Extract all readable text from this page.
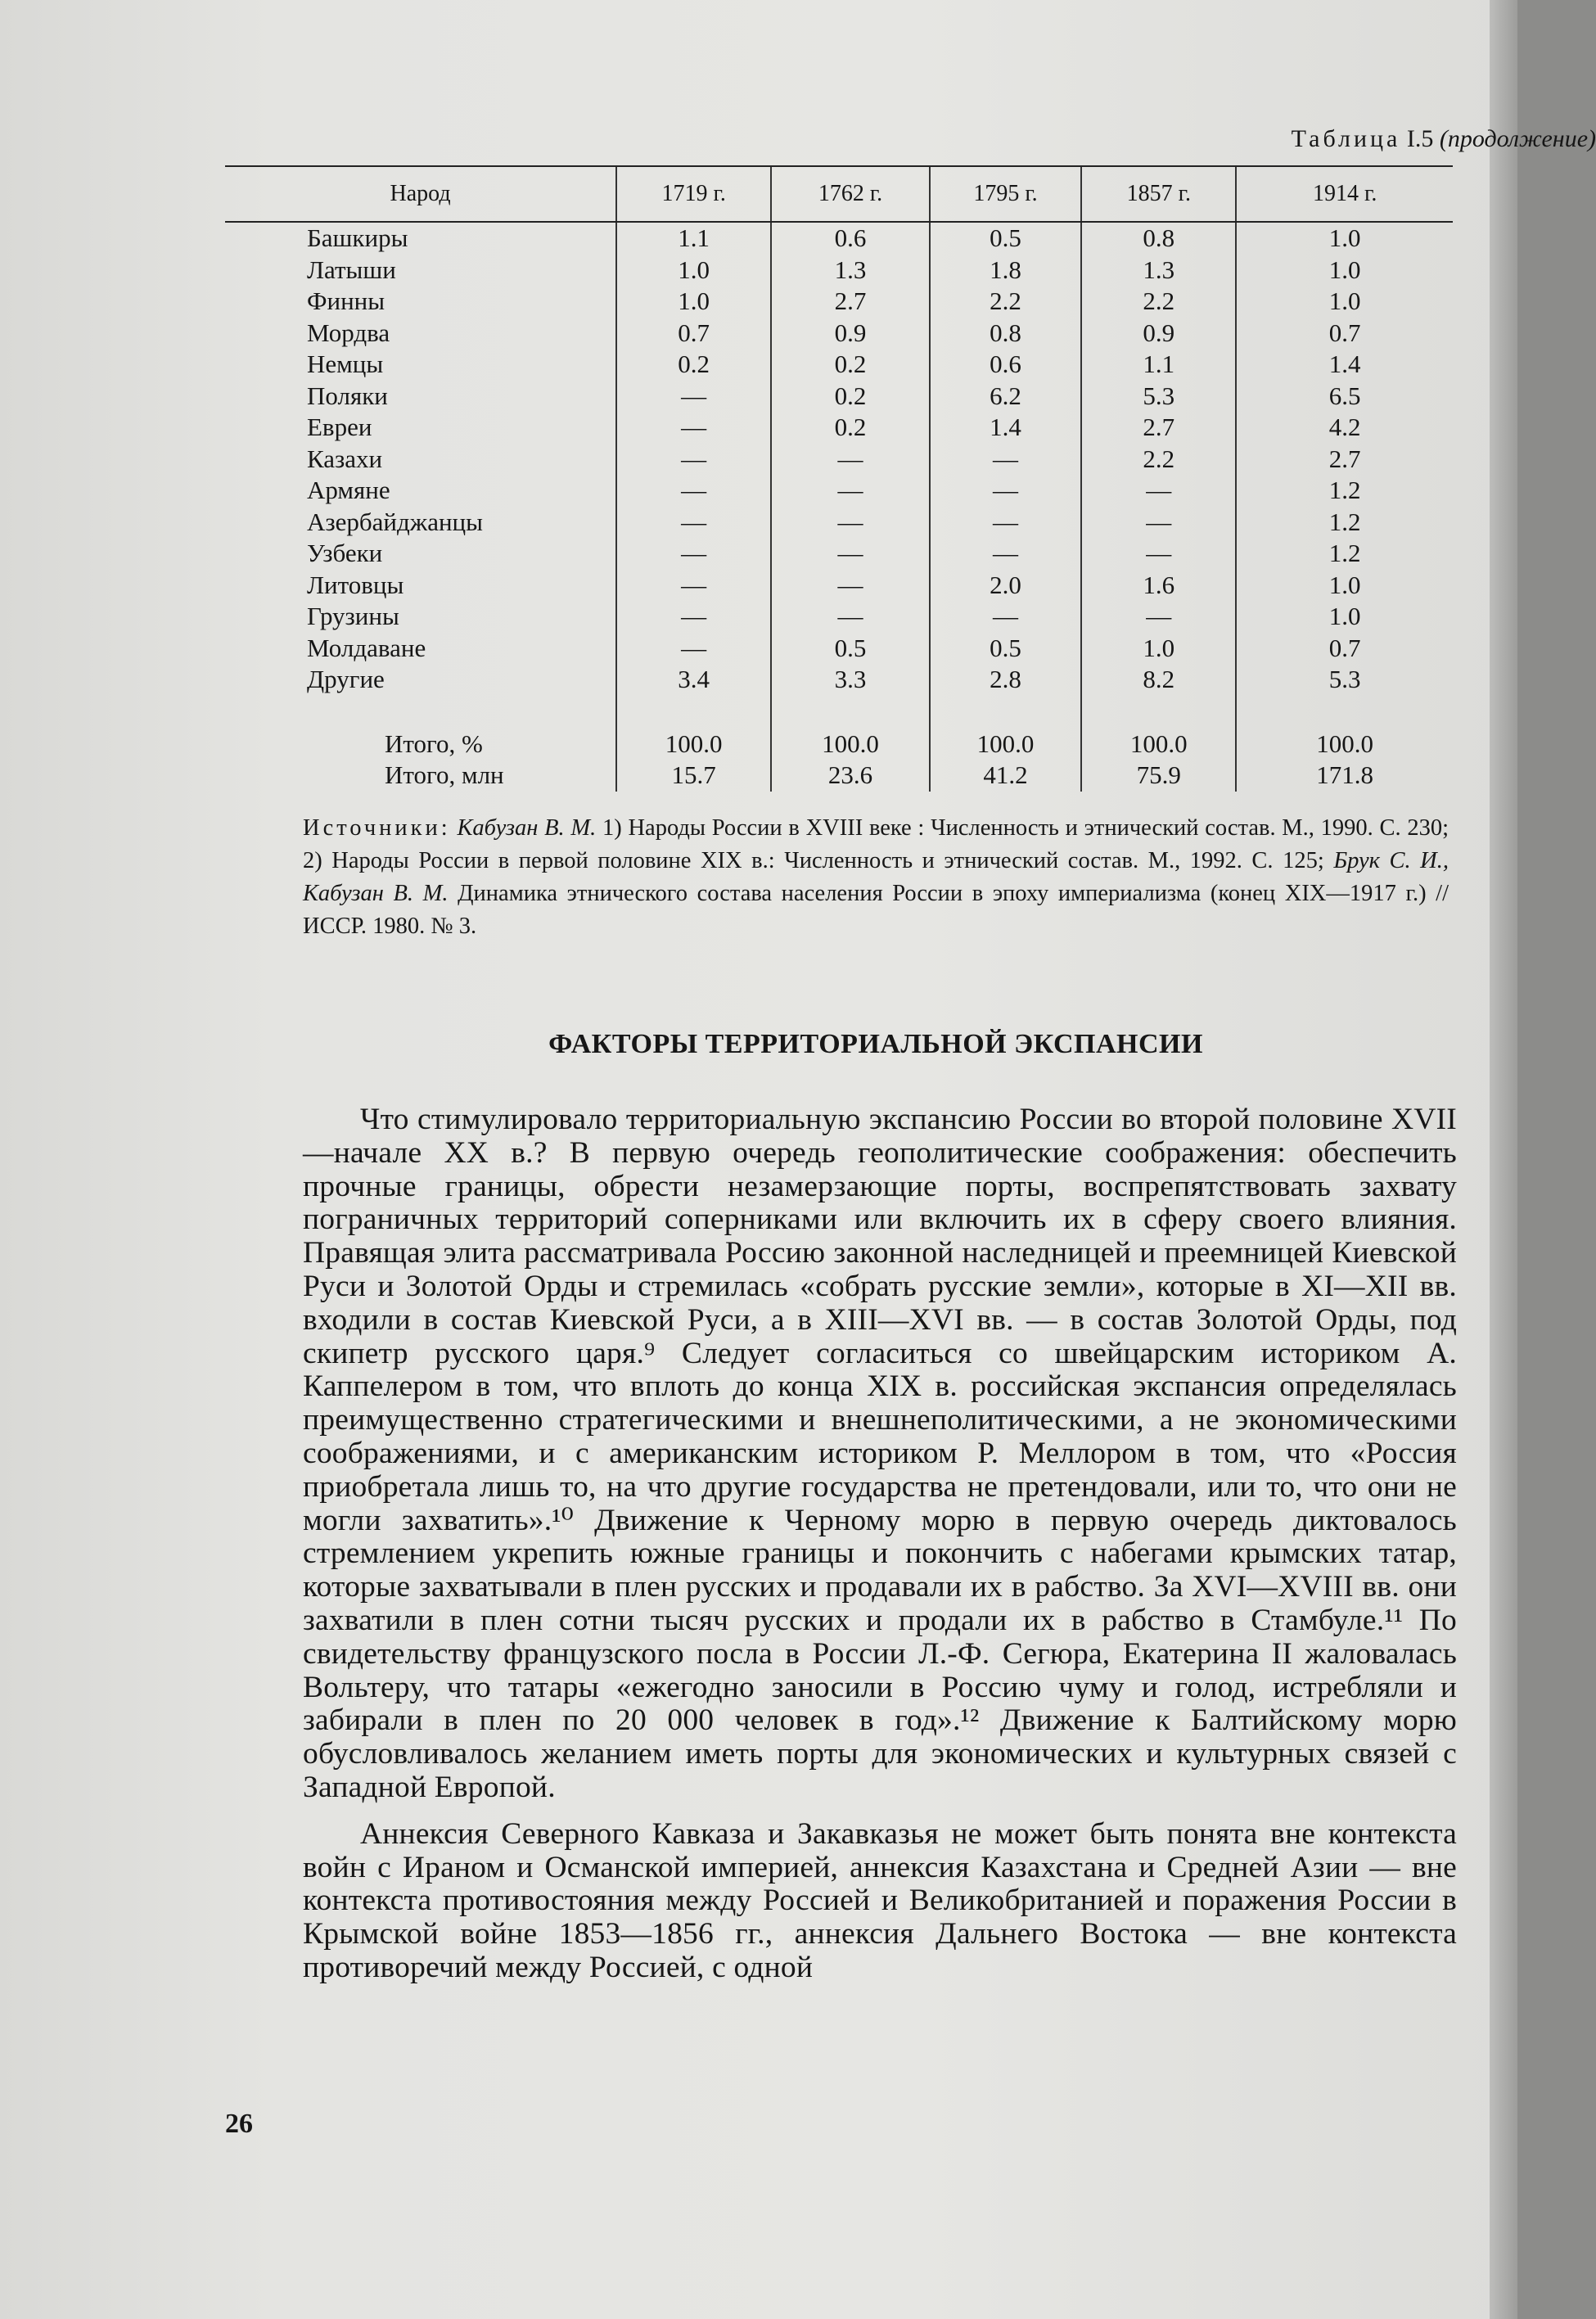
Таблица I.5 (продолжение)
Народ	1719 г.	1762 г.	1795 г.	1857 г.	1914 г.
Башкиры	1.1	0.6	0.5	0.8	1.0
Латыши	1.0	1.3	1.8	1.3	1.0
Финны	1.0	2.7	2.2	2.2	1.0
Мордва	0.7	0.9	0.8	0.9	0.7
Немцы	0.2	0.2	0.6	1.1	1.4
Поляки	—	0.2	6.2	5.3	6.5
Евреи	—	0.2	1.4	2.7	4.2
Казахи	—	—	—	2.2	2.7
Армяне	—	—	—	—	1.2
Азербайджанцы	—	—	—	—	1.2
Узбеки	—	—	—	—	1.2
Литовцы	—	—	2.0	1.6	1.0
Грузины	—	—	—	—	1.0
Молдаване	—	0.5	0.5	1.0	0.7
Другие	3.4	3.3	2.8	8.2	5.3

Итого, %	100.0	100.0	100.0	100.0	100.0
Итого, млн	15.7	23.6	41.2	75.9	171.8
Источники: Кабузан В. М. 1) Народы России в XVIII веке : Численность и этнический состав. М., 1990. С. 230; 2) Народы России в первой половине XIX в.: Численность и этнический состав. М., 1992. С. 125; Брук С. И., Кабузан В. М. Динамика этнического состава населения России в эпоху империализма (конец XIX—1917 г.) // ИССР. 1980. № 3.
ФАКТОРЫ ТЕРРИТОРИАЛЬНОЙ ЭКСПАНСИИ

Что стимулировало территориальную экспансию России во второй половине XVII—начале XX в.? В первую очередь геополитические соображения: обеспечить прочные границы, обрести незамерзающие порты, воспрепятствовать захвату пограничных территорий соперниками или включить их в сферу своего влияния. Правящая элита рассматривала Россию законной наследницей и преемницей Киевской Руси и Золотой Орды и стремилась «собрать русские земли», которые в XI—XII вв. входили в состав Киевской Руси, а в XIII—XVI вв. — в состав Золотой Орды, под скипетр русского царя.⁹ Следует согласиться со швейцарским историком А. Каппелером в том, что вплоть до конца XIX в. российская экспансия определялась преимущественно стратегическими и внешнеполитическими, а не экономическими соображениями, и с американским историком Р. Меллором в том, что «Россия приобретала лишь то, на что другие государства не претендовали, или то, что они не могли захватить».¹⁰ Движение к Черному морю в первую очередь диктовалось стремлением укрепить южные границы и покончить с набегами крымских татар, которые захватывали в плен русских и продавали их в рабство. За XVI—XVIII вв. они захватили в плен сотни тысяч русских и продали их в рабство в Стамбуле.¹¹ По свидетельству французского посла в России Л.-Ф. Сегюра, Екатерина II жаловалась Вольтеру, что татары «ежегодно заносили в Россию чуму и голод, истребляли и забирали в плен по 20 000 человек в год».¹² Движение к Балтийскому морю обусловливалось желанием иметь порты для экономических и культурных связей с Западной Европой.

Аннексия Северного Кавказа и Закавказья не может быть понята вне контекста войн с Ираном и Османской империей, аннексия Казахстана и Средней Азии — вне контекста противостояния между Россией и Великобританией и поражения России в Крымской войне 1853—1856 гг., аннексия Дальнего Востока — вне контекста противоречий между Россией, с одной

26
